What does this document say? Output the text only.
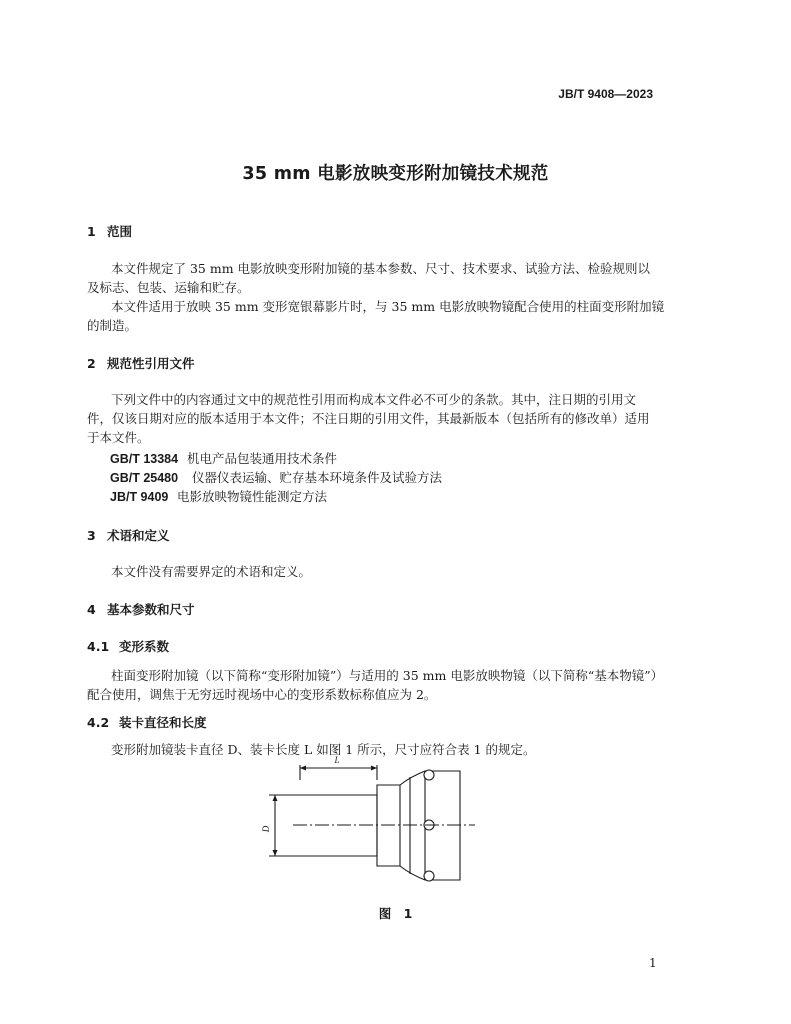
JB/T 9408—2023
35 mm 电影放映变形附加镜技术规范
1 范围
本文件规定了 35 mm 电影放映变形附加镜的基本参数、尺寸、技术要求、试验方法、检验规则以
及标志、包装、运输和贮存。
本文件适用于放映 35 mm 变形宽银幕影片时，与 35 mm 电影放映物镜配合使用的柱面变形附加镜
的制造。
2 规范性引用文件
下列文件中的内容通过文中的规范性引用而构成本文件必不可少的条款。其中，注日期的引用文
件，仅该日期对应的版本适用于本文件；不注日期的引用文件，其最新版本（包括所有的修改单）适用
于本文件。
GB/T 13384 机电产品包装通用技术条件
GB/T 25480 仪器仪表运输、贮存基本环境条件及试验方法
JB/T 9409 电影放映物镜性能测定方法
3 术语和定义
本文件没有需要界定的术语和定义。
4 基本参数和尺寸
4.1 变形系数
柱面变形附加镜（以下简称“变形附加镜”）与适用的 35 mm 电影放映物镜（以下简称“基本物镜”）
配合使用，调焦于无穷远时视场中心的变形系数标称值应为 2。
4.2 装卡直径和长度
变形附加镜装卡直径 D、装卡长度 L 如图 1 所示，尺寸应符合表 1 的规定。
L
D
图 1
1
